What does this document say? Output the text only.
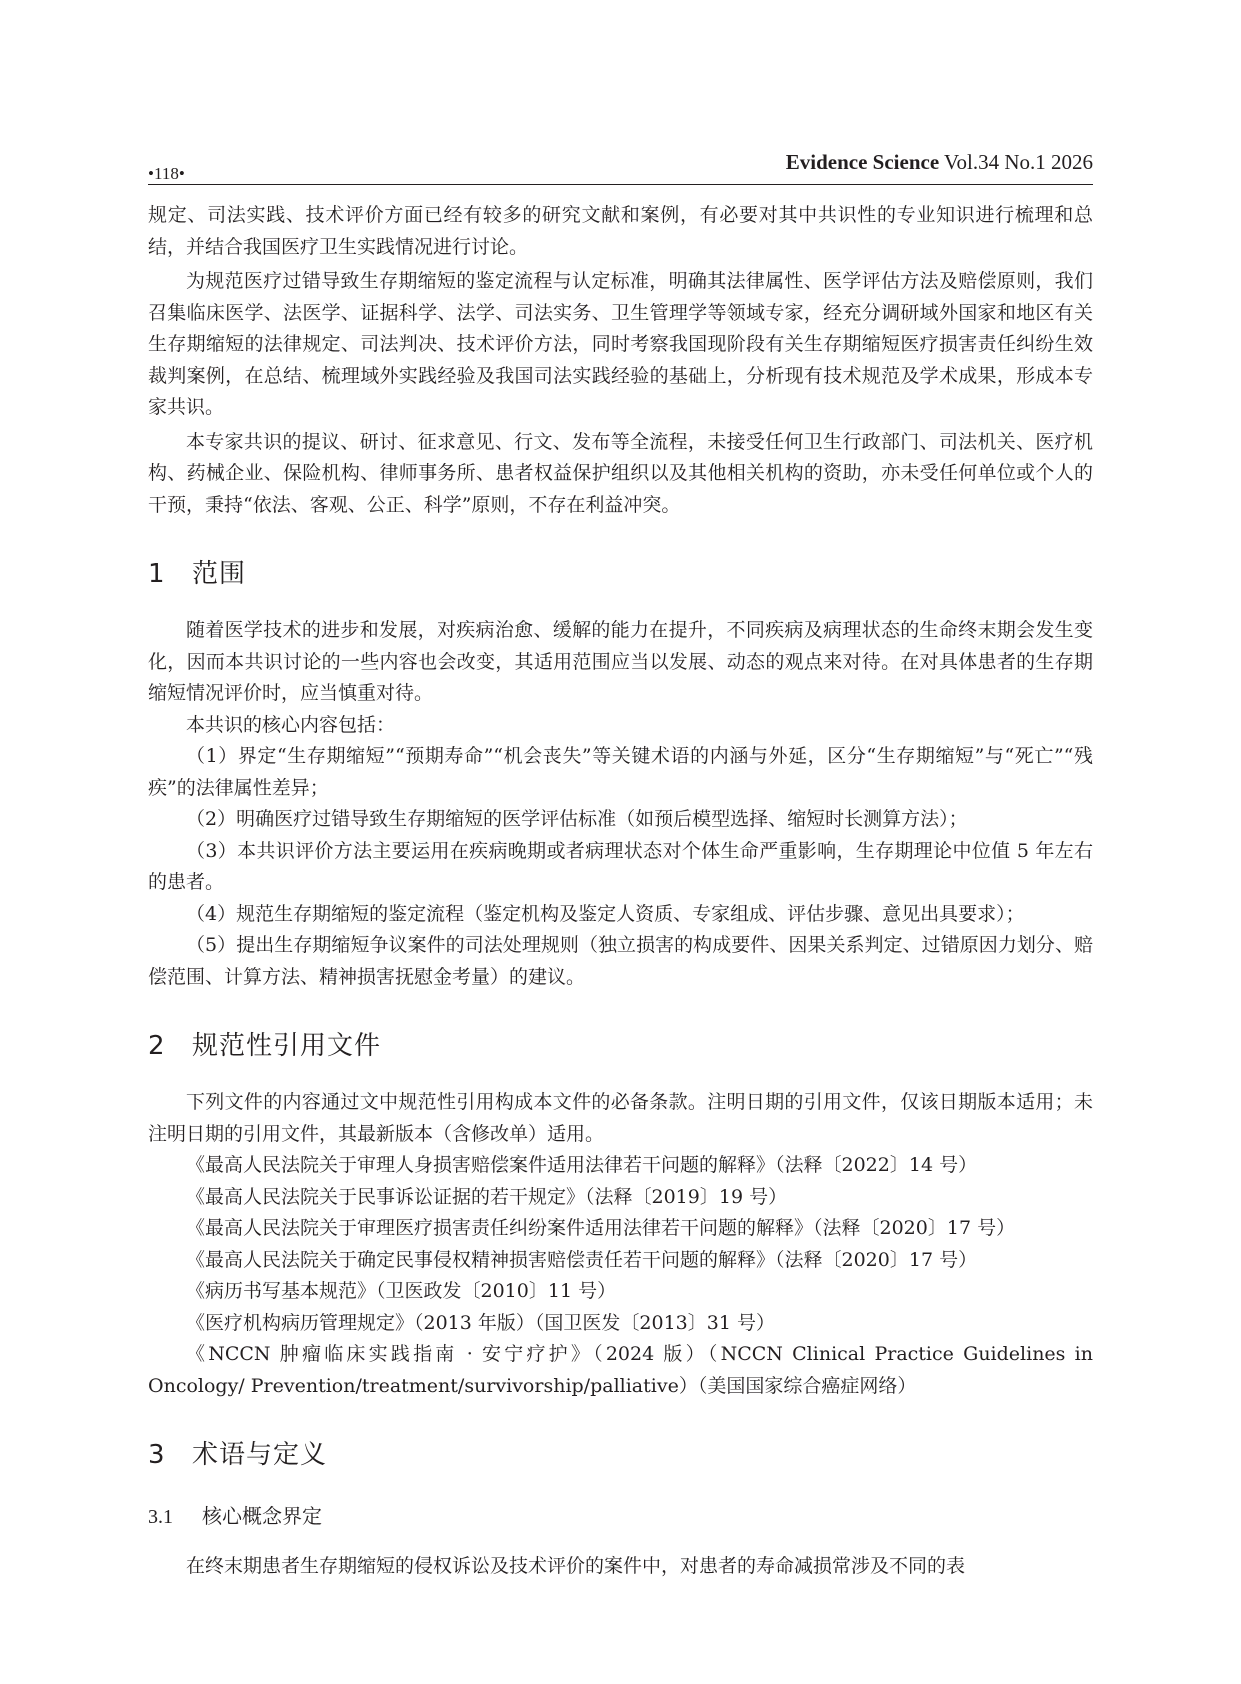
•118•	Evidence Science Vol.34 No.1 2026

规定、司法实践、技术评价方面已经有较多的研究文献和案例，有必要对其中共识性的专业知识进行梳理和总结，并结合我国医疗卫生实践情况进行讨论。

为规范医疗过错导致生存期缩短的鉴定流程与认定标准，明确其法律属性、医学评估方法及赔偿原则，我们召集临床医学、法医学、证据科学、法学、司法实务、卫生管理学等领域专家，经充分调研域外国家和地区有关生存期缩短的法律规定、司法判决、技术评价方法，同时考察我国现阶段有关生存期缩短医疗损害责任纠纷生效裁判案例，在总结、梳理域外实践经验及我国司法实践经验的基础上，分析现有技术规范及学术成果，形成本专家共识。

本专家共识的提议、研讨、征求意见、行文、发布等全流程，未接受任何卫生行政部门、司法机关、医疗机构、药械企业、保险机构、律师事务所、患者权益保护组织以及其他相关机构的资助，亦未受任何单位或个人的干预，秉持“依法、客观、公正、科学”原则，不存在利益冲突。

1 范围

随着医学技术的进步和发展，对疾病治愈、缓解的能力在提升，不同疾病及病理状态的生命终末期会发生变化，因而本共识讨论的一些内容也会改变，其适用范围应当以发展、动态的观点来对待。在对具体患者的生存期缩短情况评价时，应当慎重对待。

本共识的核心内容包括：

（1）界定“生存期缩短”“预期寿命”“机会丧失”等关键术语的内涵与外延，区分“生存期缩短”与“死亡”“残疾”的法律属性差异；

（2）明确医疗过错导致生存期缩短的医学评估标准（如预后模型选择、缩短时长测算方法）；

（3）本共识评价方法主要运用在疾病晚期或者病理状态对个体生命严重影响，生存期理论中位值 5 年左右的患者。

（4）规范生存期缩短的鉴定流程（鉴定机构及鉴定人资质、专家组成、评估步骤、意见出具要求）；

（5）提出生存期缩短争议案件的司法处理规则（独立损害的构成要件、因果关系判定、过错原因力划分、赔偿范围、计算方法、精神损害抚慰金考量）的建议。

2 规范性引用文件

下列文件的内容通过文中规范性引用构成本文件的必备条款。注明日期的引用文件，仅该日期版本适用；未注明日期的引用文件，其最新版本（含修改单）适用。

《最高人民法院关于审理人身损害赔偿案件适用法律若干问题的解释》（法释〔2022〕14 号）

《最高人民法院关于民事诉讼证据的若干规定》（法释〔2019〕19 号）

《最高人民法院关于审理医疗损害责任纠纷案件适用法律若干问题的解释》（法释〔2020〕17 号）

《最高人民法院关于确定民事侵权精神损害赔偿责任若干问题的解释》（法释〔2020〕17 号）

《病历书写基本规范》（卫医政发〔2010〕11 号）

《医疗机构病历管理规定》（2013 年版）（国卫医发〔2013〕31 号）

《NCCN 肿瘤临床实践指南 · 安宁疗护》（2024 版）（NCCN Clinical Practice Guidelines in Oncology/ Prevention/treatment/survivorship/palliative）（美国国家综合癌症网络）

3 术语与定义
3.1 核心概念界定

在终末期患者生存期缩短的侵权诉讼及技术评价的案件中，对患者的寿命减损常涉及不同的表
